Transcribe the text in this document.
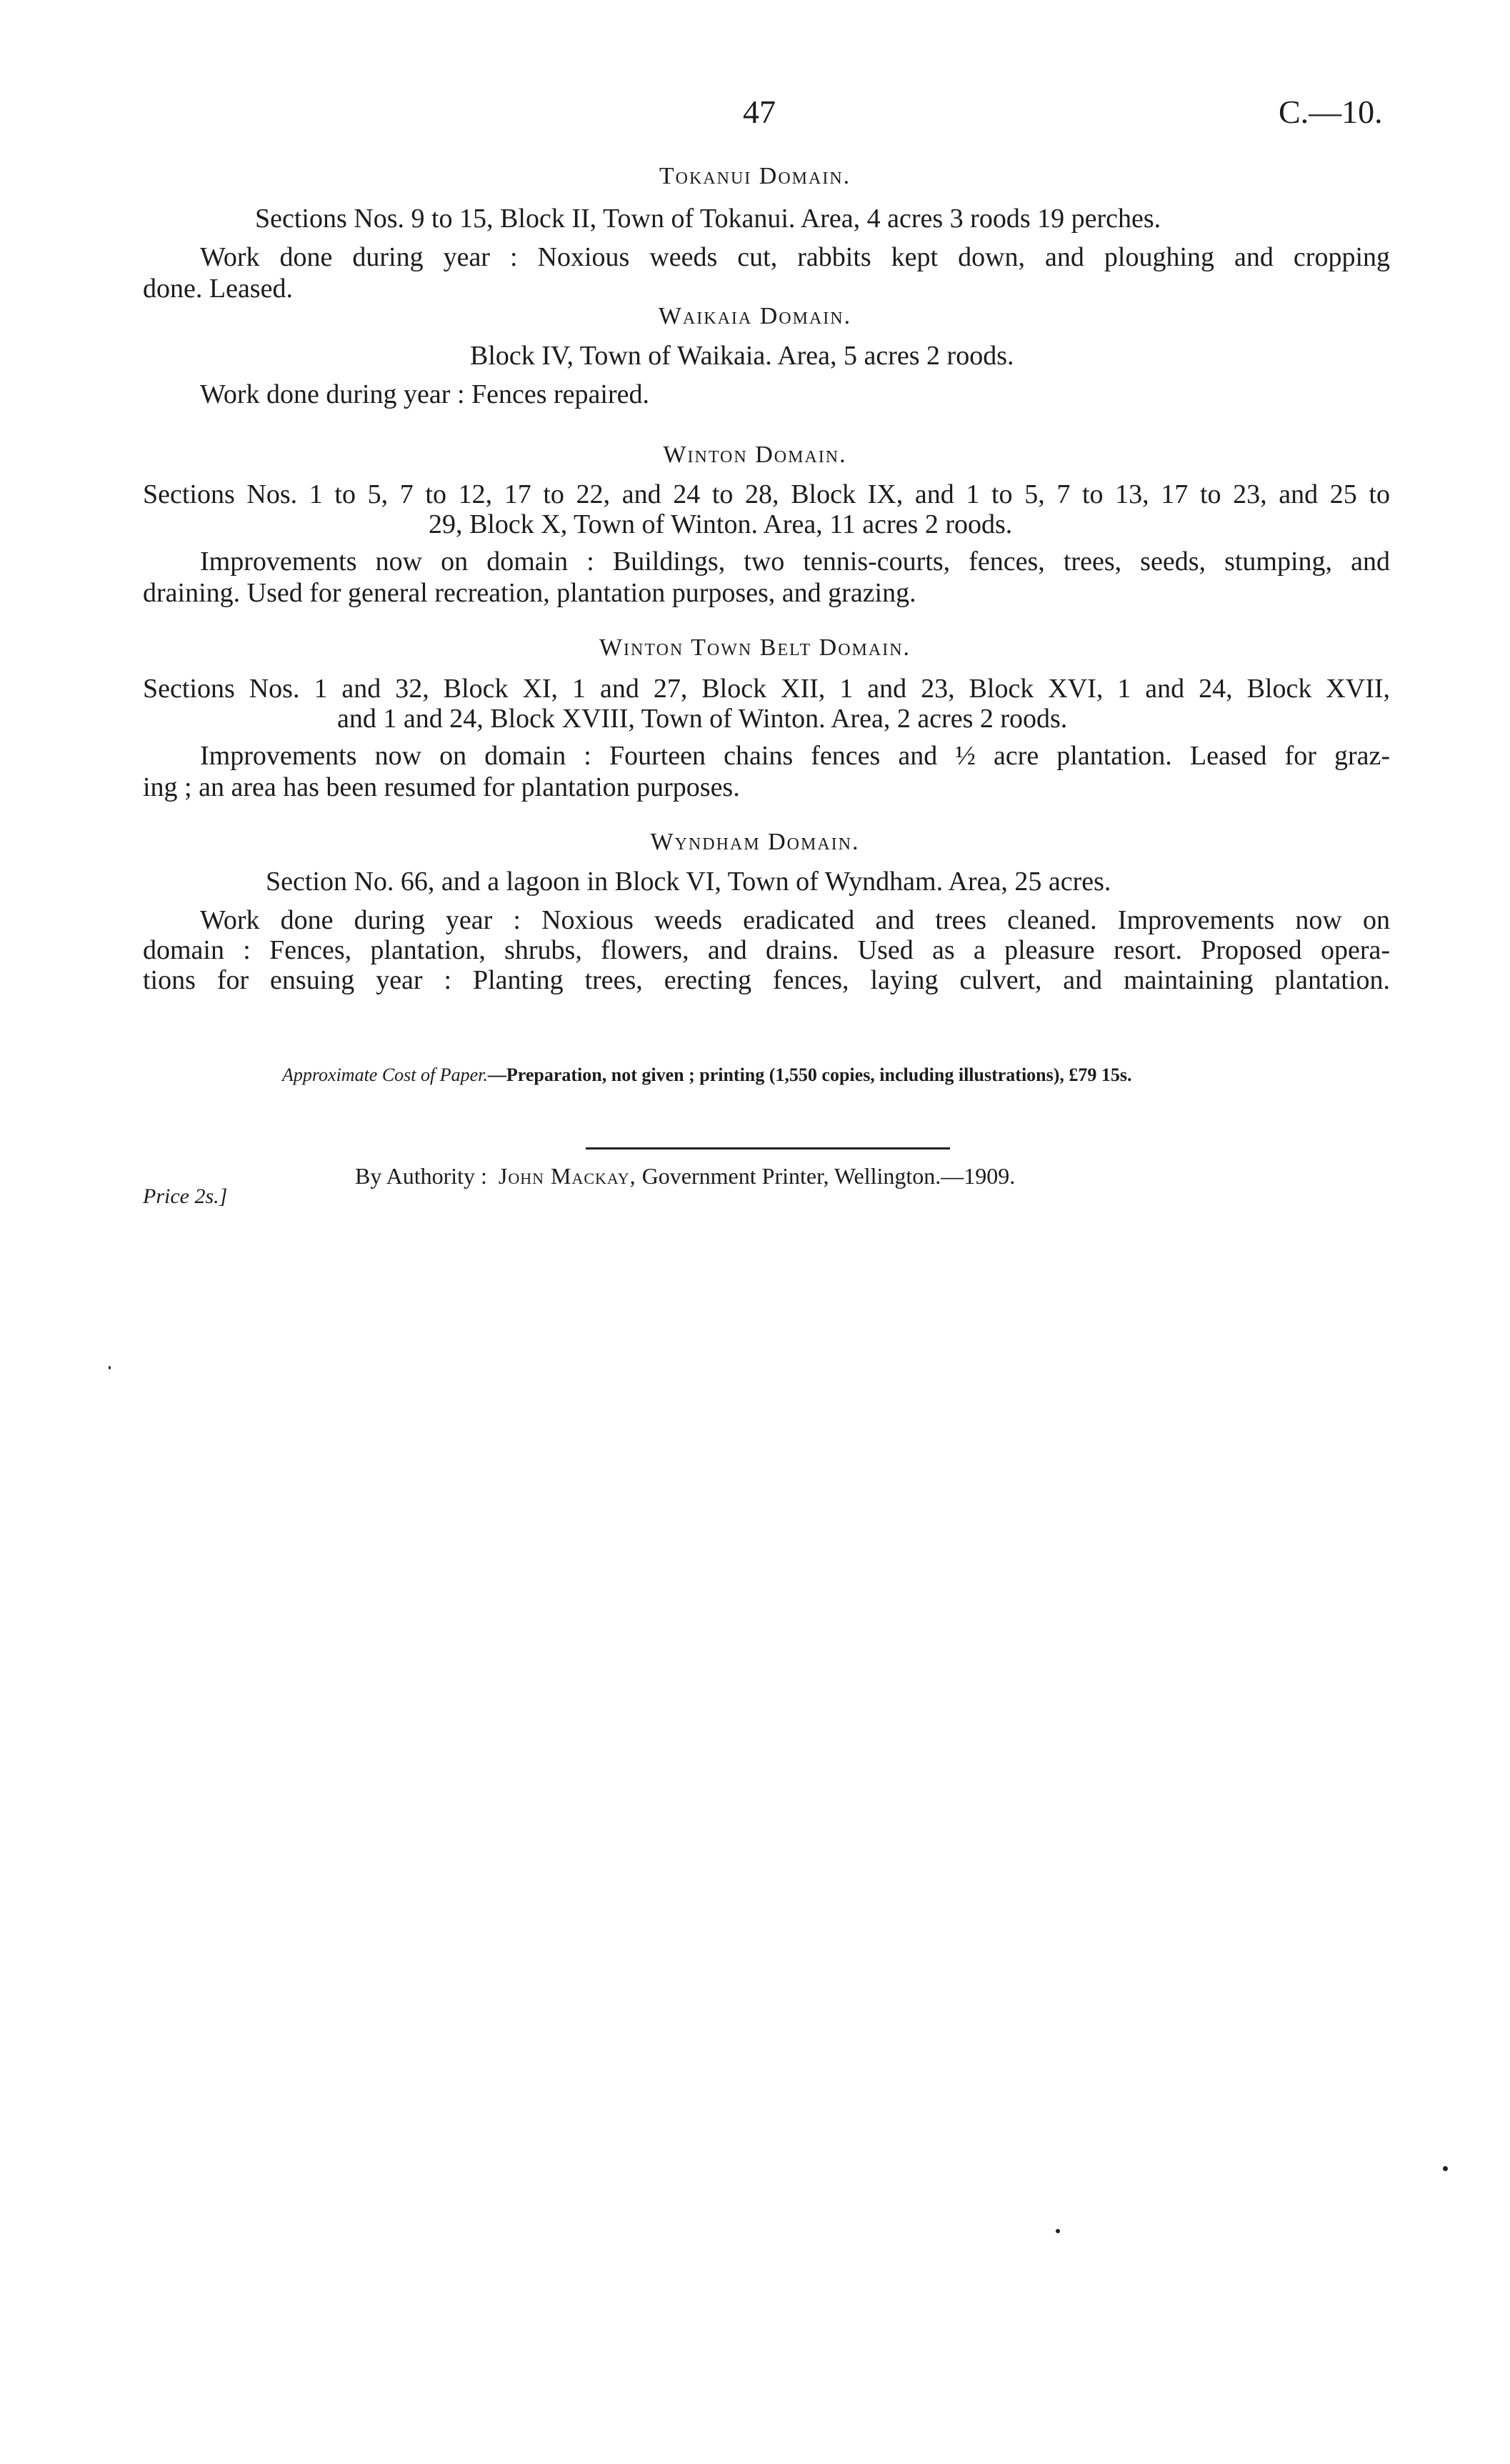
47	C.—10.
Tokanui Domain.
Sections Nos. 9 to 15, Block II, Town of Tokanui. Area, 4 acres 3 roods 19 perches.
Work done during year : Noxious weeds cut, rabbits kept down, and ploughing and cropping
done. Leased.
Waikaia Domain.
Block IV, Town of Waikaia. Area, 5 acres 2 roods.
Work done during year : Fences repaired.
Winton Domain.
Sections Nos. 1 to 5, 7 to 12, 17 to 22, and 24 to 28, Block IX, and 1 to 5, 7 to 13, 17 to 23, and 25 to
29, Block X, Town of Winton. Area, 11 acres 2 roods.
Improvements now on domain : Buildings, two tennis-courts, fences, trees, seeds, stumping, and
draining. Used for general recreation, plantation purposes, and grazing.
Winton Town Belt Domain.
Sections Nos. 1 and 32, Block XI, 1 and 27, Block XII, 1 and 23, Block XVI, 1 and 24, Block XVII,
and 1 and 24, Block XVIII, Town of Winton. Area, 2 acres 2 roods.
Improvements now on domain : Fourteen chains fences and ½ acre plantation. Leased for graz-
ing ; an area has been resumed for plantation purposes.
Wyndham Domain.
Section No. 66, and a lagoon in Block VI, Town of Wyndham. Area, 25 acres.
Work done during year : Noxious weeds eradicated and trees cleaned. Improvements now on
domain : Fences, plantation, shrubs, flowers, and drains. Used as a pleasure resort. Proposed opera-
tions for ensuing year : Planting trees, erecting fences, laying culvert, and maintaining plantation.
Approximate Cost of Paper.—Preparation, not given ; printing (1,550 copies, including illustrations), £79 15s.
By Authority : John Mackay, Government Printer, Wellington.—1909.
Price 2s.]
